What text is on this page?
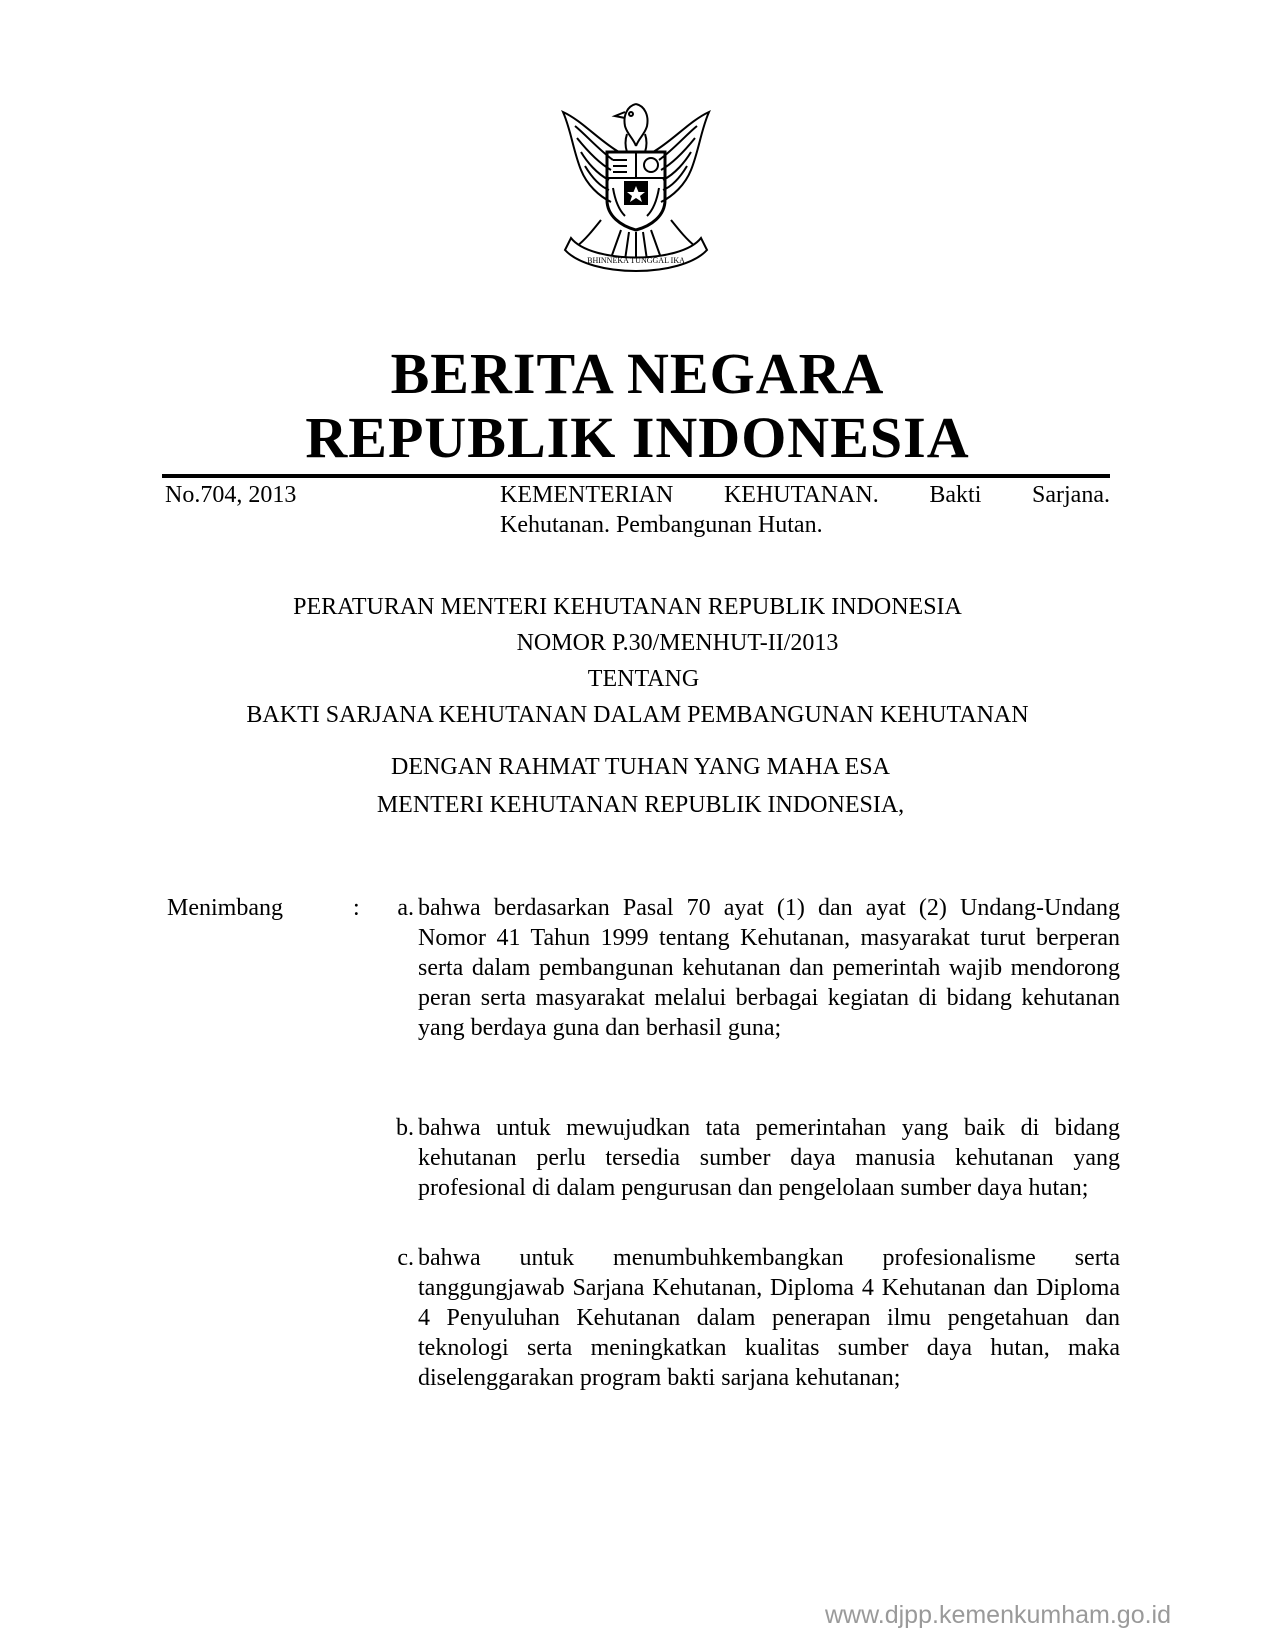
BHINNEKA TUNGGAL IKA
BERITA NEGARA
REPUBLIK INDONESIA
No.704, 2013	KEMENTERIAN KEHUTANAN. Bakti Sarjana.
Kehutanan. Pembangunan Hutan.
PERATURAN MENTERI KEHUTANAN REPUBLIK INDONESIA
NOMOR P.30/MENHUT-II/2013
TENTANG
BAKTI SARJANA KEHUTANAN DALAM PEMBANGUNAN KEHUTANAN
DENGAN RAHMAT TUHAN YANG MAHA ESA
MENTERI KEHUTANAN REPUBLIK INDONESIA,
Menimbang	:	a. bahwa berdasarkan Pasal 70 ayat (1) dan ayat (2) Undang-Undang Nomor 41 Tahun 1999 tentang Kehutanan, masyarakat turut berperan serta dalam pembangunan kehutanan dan pemerintah wajib mendorong peran serta masyarakat melalui berbagai kegiatan di bidang kehutanan yang berdaya guna dan berhasil guna;
b. bahwa untuk mewujudkan tata pemerintahan yang baik di bidang kehutanan perlu tersedia sumber daya manusia kehutanan yang profesional di dalam pengurusan dan pengelolaan sumber daya hutan;
c. bahwa untuk menumbuhkembangkan profesionalisme serta tanggungjawab Sarjana Kehutanan, Diploma 4 Kehutanan dan Diploma 4 Penyuluhan Kehutanan dalam penerapan ilmu pengetahuan dan teknologi serta meningkatkan kualitas sumber daya hutan, maka diselenggarakan program bakti sarjana kehutanan;
www.djpp.kemenkumham.go.id
